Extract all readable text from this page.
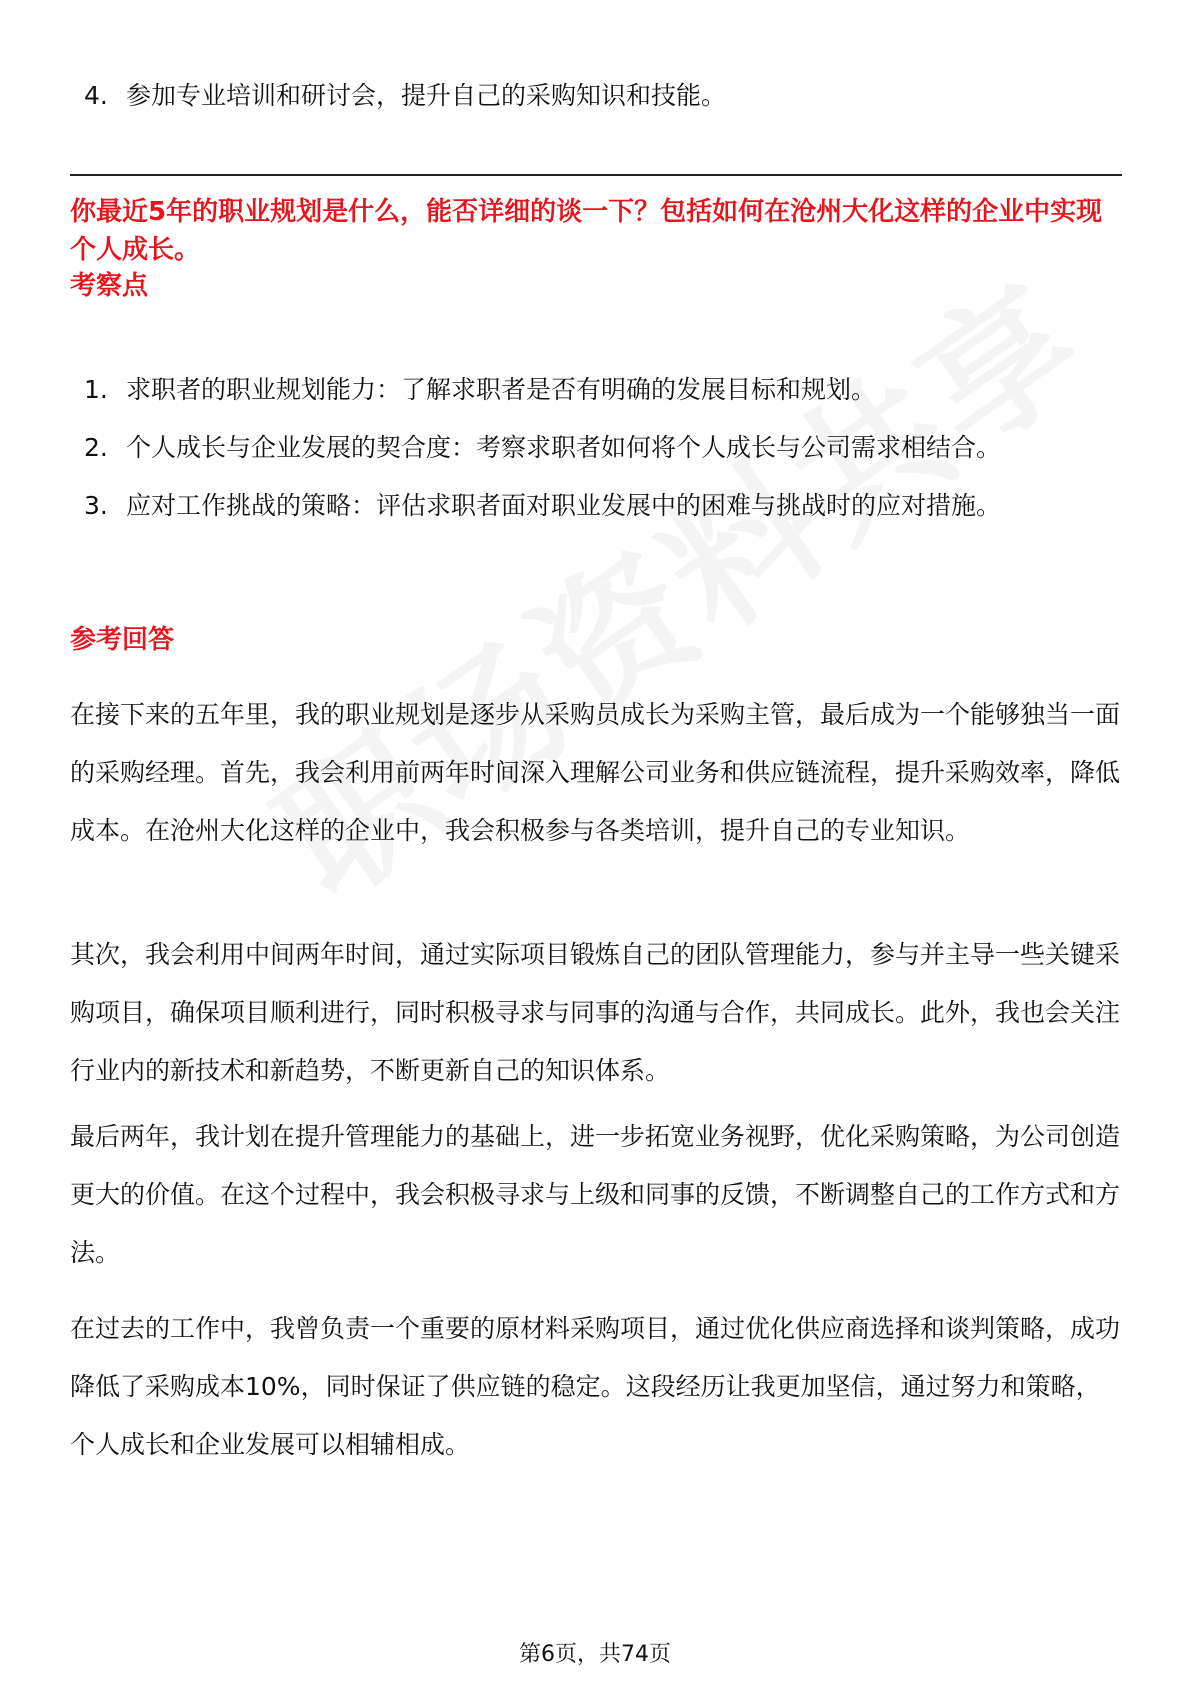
4. 参加专业培训和研讨会，提升自己的采购知识和技能。

你最近5年的职业规划是什么，能否详细的谈一下？包括如何在沧州大化这样的企业中实现个人成长。

考察点
1. 求职者的职业规划能力：了解求职者是否有明确的发展目标和规划。
2. 个人成长与企业发展的契合度：考察求职者如何将个人成长与公司需求相结合。
3. 应对工作挑战的策略：评估求职者面对职业发展中的困难与挑战时的应对措施。
参考回答

在接下来的五年里，我的职业规划是逐步从采购员成长为采购主管，最后成为一个能够独当一面的采购经理。首先，我会利用前两年时间深入理解公司业务和供应链流程，提升采购效率，降低成本。在沧州大化这样的企业中，我会积极参与各类培训，提升自己的专业知识。

其次，我会利用中间两年时间，通过实际项目锻炼自己的团队管理能力，参与并主导一些关键采购项目，确保项目顺利进行，同时积极寻求与同事的沟通与合作，共同成长。此外，我也会关注行业内的新技术和新趋势，不断更新自己的知识体系。

最后两年，我计划在提升管理能力的基础上，进一步拓宽业务视野，优化采购策略，为公司创造更大的价值。在这个过程中，我会积极寻求与上级和同事的反馈，不断调整自己的工作方式和方法。

在过去的工作中，我曾负责一个重要的原材料采购项目，通过优化供应商选择和谈判策略，成功降低了采购成本10%，同时保证了供应链的稳定。这段经历让我更加坚信，通过努力和策略，个人成长和企业发展可以相辅相成。

第6页，共74页
